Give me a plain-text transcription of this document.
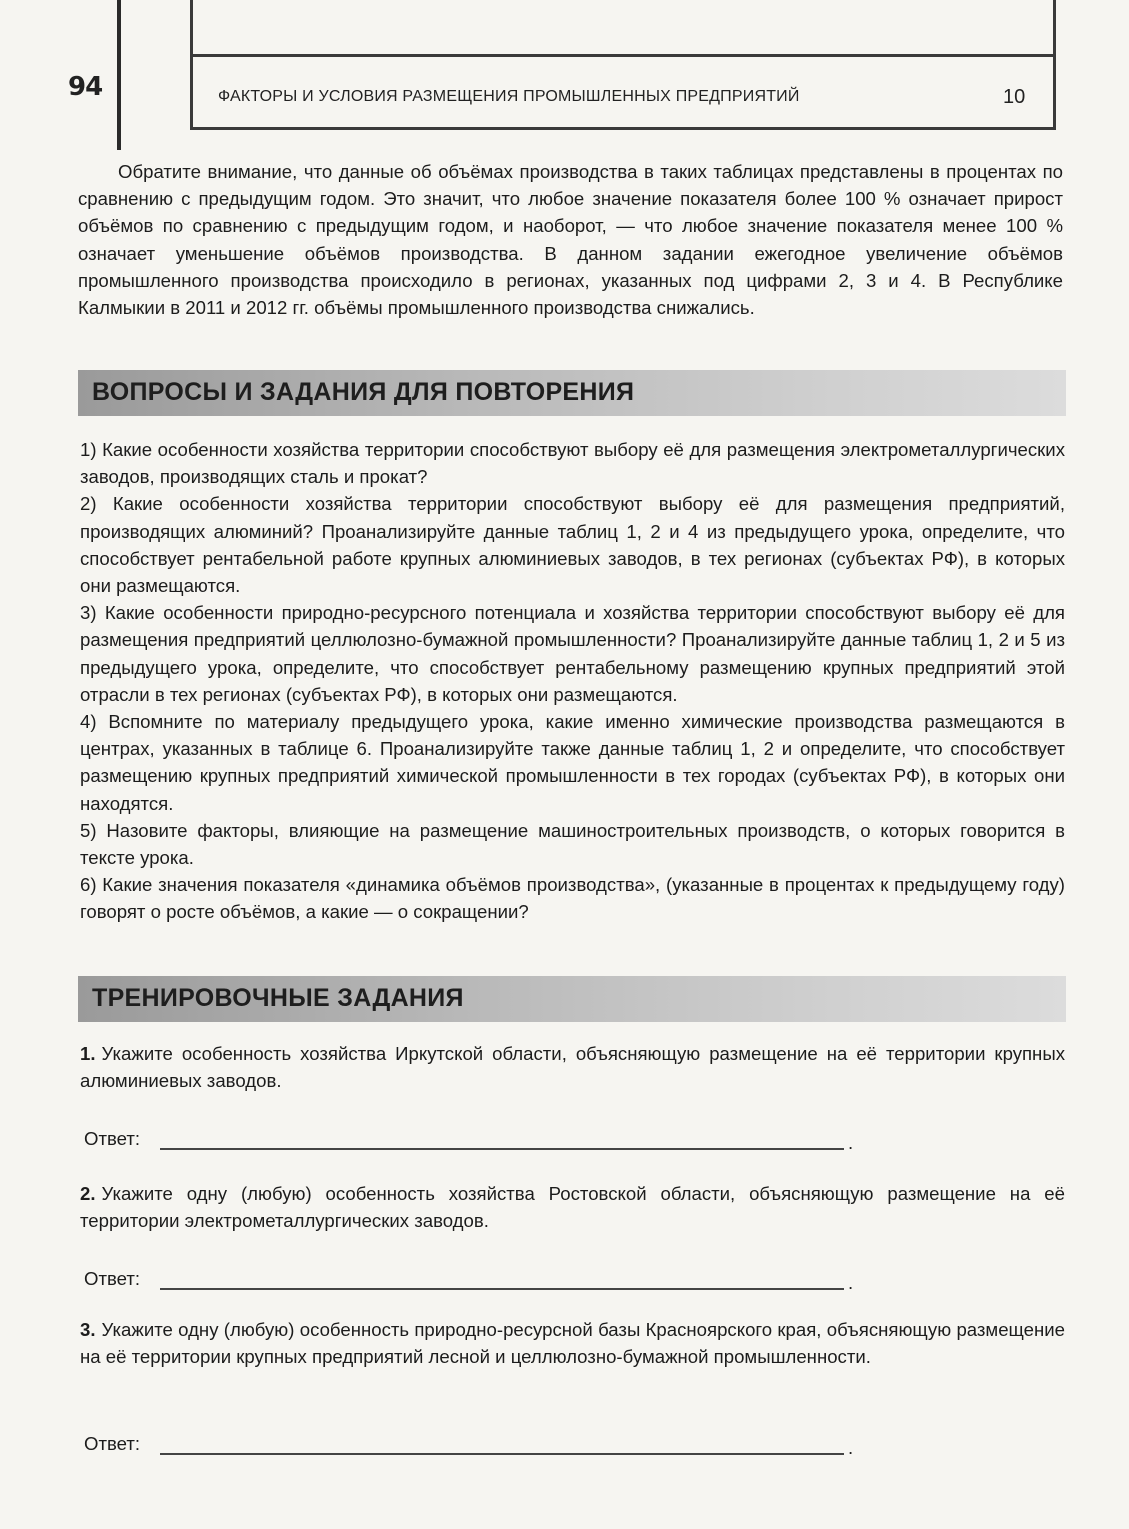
94	ФАКТОРЫ И УСЛОВИЯ РАЗМЕЩЕНИЯ ПРОМЫШЛЕННЫХ ПРЕДПРИЯТИЙ	10

Обратите внимание, что данные об объёмах производства в таких таблицах представлены в процентах по сравнению с предыдущим годом. Это значит, что любое значение показателя более 100 % означает прирост объёмов по сравнению с предыдущим годом, и наоборот, — что любое значение показателя менее 100 % означает уменьшение объёмов производства. В данном задании ежегодное увеличение объёмов промышленного производства происходило в регионах, указанных под цифрами 2, 3 и 4. В Республике Калмыкии в 2011 и 2012 гг. объёмы промышленного производства снижались.

ВОПРОСЫ И ЗАДАНИЯ ДЛЯ ПОВТОРЕНИЯ

1) Какие особенности хозяйства территории способствуют выбору её для размещения электрометаллургических заводов, производящих сталь и прокат?

2) Какие особенности хозяйства территории способствуют выбору её для размещения предприятий, производящих алюминий? Проанализируйте данные таблиц 1, 2 и 4 из предыдущего урока, определите, что способствует рентабельной работе крупных алюминиевых заводов, в тех регионах (субъектах РФ), в которых они размещаются.

3) Какие особенности природно-ресурсного потенциала и хозяйства территории способствуют выбору её для размещения предприятий целлюлозно-бумажной промышленности? Проанализируйте данные таблиц 1, 2 и 5 из предыдущего урока, определите, что способствует рентабельному размещению крупных предприятий этой отрасли в тех регионах (субъектах РФ), в которых они размещаются.

4) Вспомните по материалу предыдущего урока, какие именно химические производства размещаются в центрах, указанных в таблице 6. Проанализируйте также данные таблиц 1, 2 и определите, что способствует размещению крупных предприятий химической промышленности в тех городах (субъектах РФ), в которых они находятся.

5) Назовите факторы, влияющие на размещение машиностроительных производств, о которых говорится в тексте урока.

6) Какие значения показателя «динамика объёмов производства», (указанные в процентах к предыдущему году) говорят о росте объёмов, а какие — о сокращении?

ТРЕНИРОВОЧНЫЕ ЗАДАНИЯ

1. Укажите особенность хозяйства Иркутской области, объясняющую размещение на её территории крупных алюминиевых заводов.

Ответ:	.

2. Укажите одну (любую) особенность хозяйства Ростовской области, объясняющую размещение на её территории электрометаллургических заводов.

Ответ:	.

3. Укажите одну (любую) особенность природно-ресурсной базы Красноярского края, объясняющую размещение на её территории крупных предприятий лесной и целлюлозно-бумажной промышленности.

Ответ:	.
